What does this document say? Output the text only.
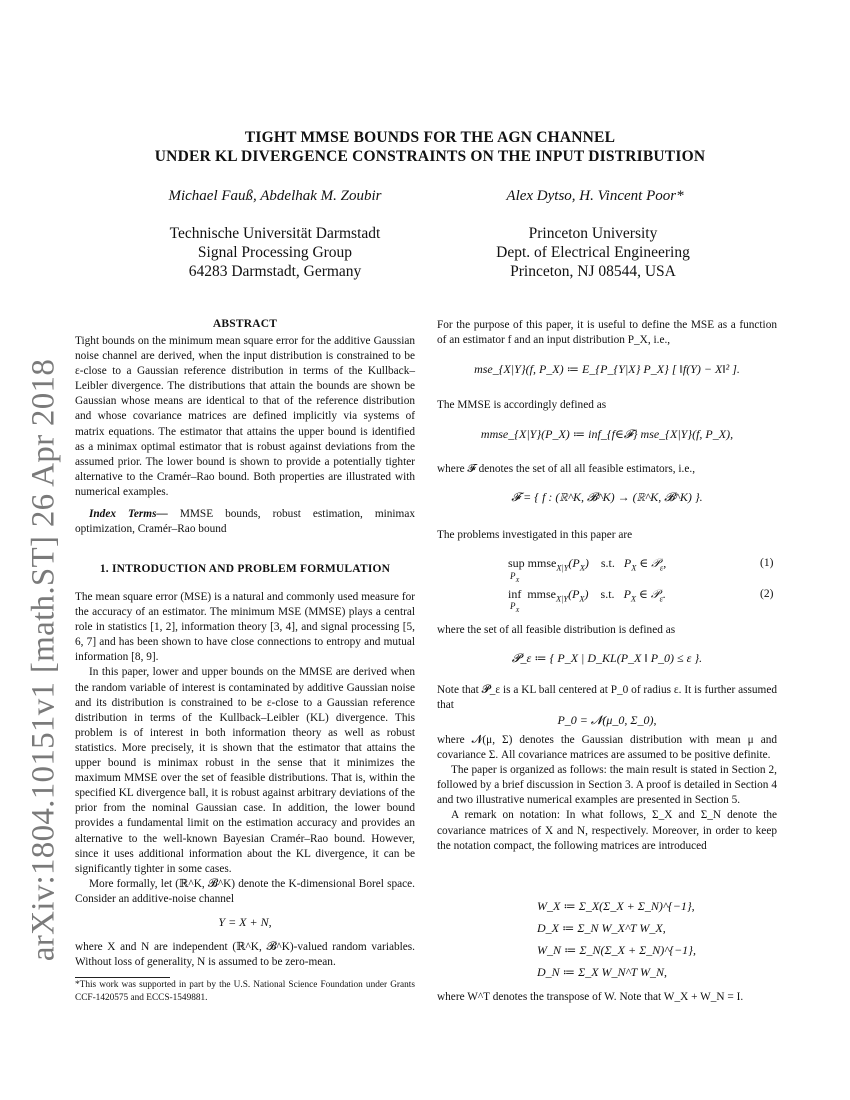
arXiv:1804.10151v1 [math.ST] 26 Apr 2018
TIGHT MMSE BOUNDS FOR THE AGN CHANNEL
UNDER KL DIVERGENCE CONSTRAINTS ON THE INPUT DISTRIBUTION
Michael Fauß, Abdelhak M. Zoubir	Alex Dytso, H. Vincent Poor*
Technische Universität Darmstadt
Signal Processing Group
64283 Darmstadt, Germany
Princeton University
Dept. of Electrical Engineering
Princeton, NJ 08544, USA
ABSTRACT

Tight bounds on the minimum mean square error for the additive Gaussian noise channel are derived, when the input distribution is constrained to be ε-close to a Gaussian reference distribution in terms of the Kullback–Leibler divergence. The distributions that attain the bounds are shown be Gaussian whose means are identical to that of the reference distribution and whose covariance matrices are defined implicitly via systems of matrix equations. The estimator that attains the upper bound is identified as a minimax optimal estimator that is robust against deviations from the assumed prior. The lower bound is shown to provide a potentially tighter alternative to the Cramér–Rao bound. Both properties are illustrated with numerical examples.

Index Terms— MMSE bounds, robust estimation, minimax optimization, Cramér–Rao bound

1. INTRODUCTION AND PROBLEM FORMULATION

The mean square error (MSE) is a natural and commonly used measure for the accuracy of an estimator. The minimum MSE (MMSE) plays a central role in statistics [1, 2], information theory [3, 4], and signal processing [5, 6, 7] and has been shown to have close connections to entropy and mutual information [8, 9].

In this paper, lower and upper bounds on the MMSE are derived when the random variable of interest is contaminated by additive Gaussian noise and its distribution is constrained to be ε-close to a Gaussian reference distribution in terms of the Kullback–Leibler (KL) divergence. This problem is of interest in both information theory as well as robust statistics. More precisely, it is shown that the estimator that attains the upper bound is minimax robust in the sense that it minimizes the maximum MMSE over the set of feasible distributions. That is, within the specified KL divergence ball, it is robust against arbitrary deviations of the prior from the nominal Gaussian case. In addition, the lower bound provides a fundamental limit on the estimation accuracy and provides an alternative to the well-known Bayesian Cramér–Rao bound. However, since it uses additional information about the KL divergence, it can be significantly tighter in some cases.

More formally, let (ℝ^K, 𝓑^K) denote the K-dimensional Borel space. Consider an additive-noise channel

Y = X + N,
where X and N are independent (ℝ^K, 𝓑^K)-valued random variables. Without loss of generality, N is assumed to be zero-mean.
*This work was supported in part by the U.S. National Science Foundation under Grants CCF-1420575 and ECCS-1549881.
For the purpose of this paper, it is useful to define the MSE as a function of an estimator f and an input distribution P_X, i.e.,
mse_{X|Y}(f, P_X) ≔ E_{P_{Y|X} P_X} [ ‖f(Y) − X‖² ].
The MMSE is accordingly defined as
mmse_{X|Y}(P_X) ≔ inf_{f∈𝓕} mse_{X|Y}(f, P_X),
where 𝓕 denotes the set of all all feasible estimators, i.e.,
𝓕 = { f : (ℝ^K, 𝓑^K) → (ℝ^K, 𝓑^K) }.
The problems investigated in this paper are
sup $mmse_{X|Y}(P_X)$    s.t.   $P_X$ ∈ 𝒫$_\varepsilon$,
$P_X$
(1)
inf $mmse_{X|Y}(P_X)$    s.t.   $P_X$ ∈ 𝒫$_\varepsilon$.
$P_X$
(2)
where the set of all feasible distribution is defined as
𝓟_ε ≔ { P_X | D_KL(P_X ‖ P_0) ≤ ε }.
Note that 𝓟_ε is a KL ball centered at P_0 of radius ε. It is further assumed that
P_0 = 𝓝(μ_0, Σ_0),

where 𝓝(μ, Σ) denotes the Gaussian distribution with mean μ and covariance Σ. All covariance matrices are assumed to be positive definite.

The paper is organized as follows: the main result is stated in Section 2, followed by a brief discussion in Section 3. A proof is detailed in Section 4 and two illustrative numerical examples are presented in Section 5.

A remark on notation: In what follows, Σ_X and Σ_N denote the covariance matrices of X and N, respectively. Moreover, in order to keep the notation compact, the following matrices are introduced

W_X ≔ Σ_X(Σ_X + Σ_N)^{−1},
D_X ≔ Σ_N W_X^T W_X,
W_N ≔ Σ_N(Σ_X + Σ_N)^{−1},
D_N ≔ Σ_X W_N^T W_N,
where W^T denotes the transpose of W. Note that W_X + W_N = I.
